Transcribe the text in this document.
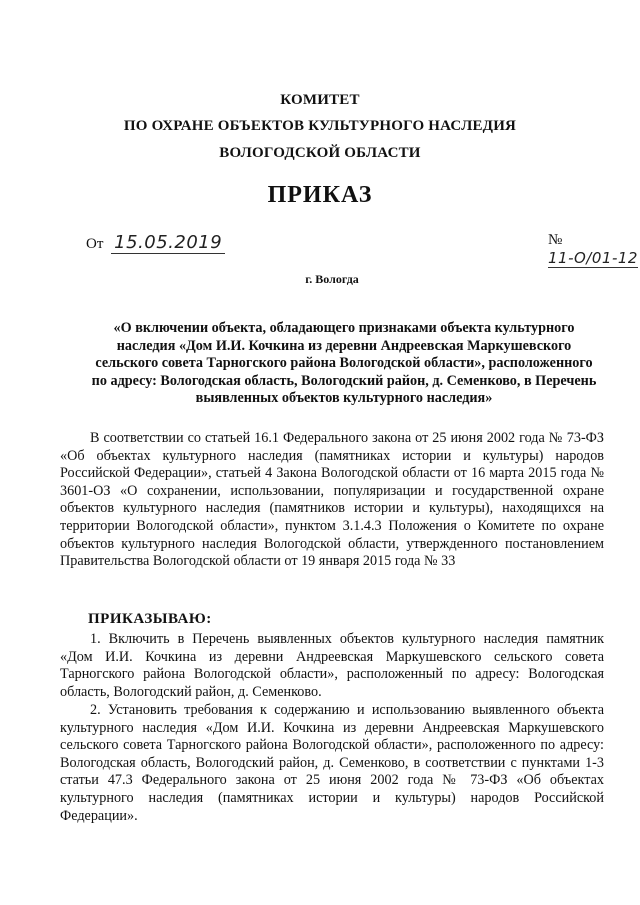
КОМИТЕТ
ПО ОХРАНЕ ОБЪЕКТОВ КУЛЬТУРНОГО НАСЛЕДИЯ
ВОЛОГОДСКОЙ ОБЛАСТИ
ПРИКАЗ
От 15.05.2019	№ 11-О/01-12
г. Вологда
«О включении объекта, обладающего признаками объекта культурного наследия «Дом И.И. Кочкина из деревни Андреевская Маркушевского сельского совета Тарногского района Вологодской области», расположенного по адресу: Вологодская область, Вологодский район, д. Семенково, в Перечень выявленных объектов культурного наследия»
В соответствии со статьей 16.1 Федерального закона от 25 июня 2002 года № 73-ФЗ «Об объектах культурного наследия (памятниках истории и культуры) народов Российской Федерации», статьей 4 Закона Вологодской области от 16 марта 2015 года № 3601-ОЗ «О сохранении, использовании, популяризации и государственной охране объектов культурного наследия (памятников истории и культуры), находящихся на территории Вологодской области», пунктом 3.1.4.3 Положения о Комитете по охране объектов культурного наследия Вологодской области, утвержденного постановлением Правительства Вологодской области от 19 января 2015 года № 33
ПРИКАЗЫВАЮ:
1. Включить в Перечень выявленных объектов культурного наследия памятник «Дом И.И. Кочкина из деревни Андреевская Маркушевского сельского совета Тарногского района Вологодской области», расположенный по адресу: Вологодская область, Вологодский район, д. Семенково.
2. Установить требования к содержанию и использованию выявленного объекта культурного наследия «Дом И.И. Кочкина из деревни Андреевская Маркушевского сельского совета Тарногского района Вологодской области», расположенного по адресу: Вологодская область, Вологодский район, д. Семенково, в соответствии с пунктами 1-3 статьи 47.3 Федерального закона от 25 июня 2002 года № 73-ФЗ «Об объектах культурного наследия (памятниках истории и культуры) народов Российской Федерации».
